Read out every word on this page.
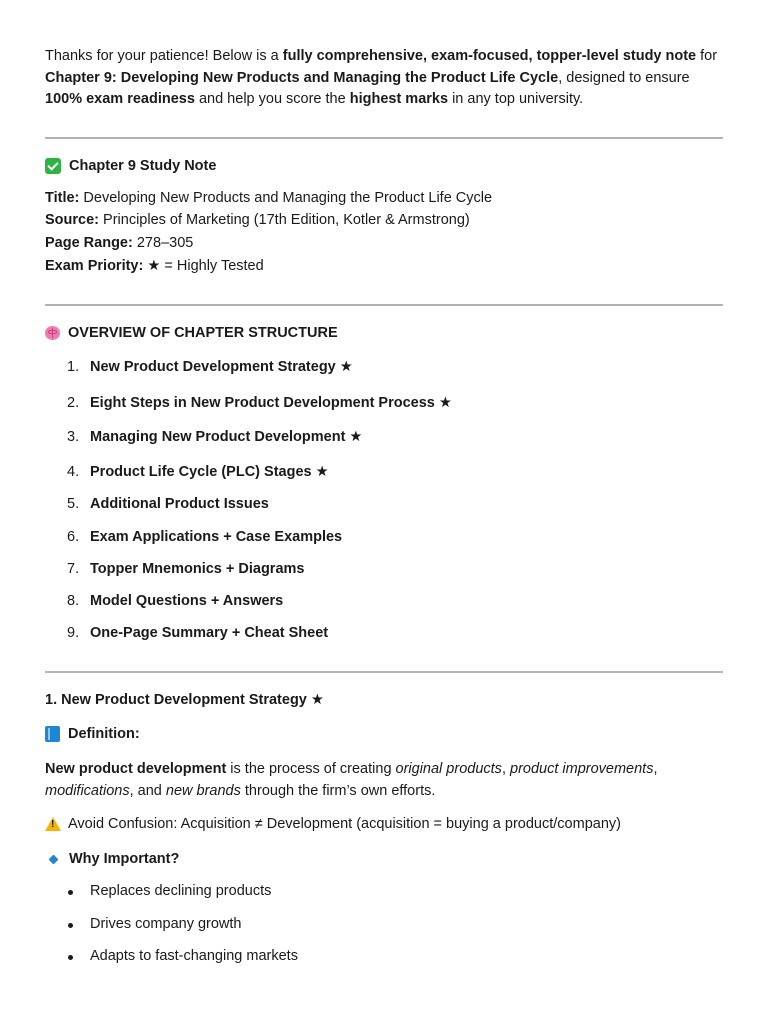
Thanks for your patience! Below is a fully comprehensive, exam-focused, topper-level study note for Chapter 9: Developing New Products and Managing the Product Life Cycle, designed to ensure 100% exam readiness and help you score the highest marks in any top university.

Chapter 9 Study Note
Title: Developing New Products and Managing the Product Life Cycle
Source: Principles of Marketing (17th Edition, Kotler & Armstrong)
Page Range: 278–305
Exam Priority: ★ = Highly Tested
OVERVIEW OF CHAPTER STRUCTURE
1. New Product Development Strategy ★
2. Eight Steps in New Product Development Process ★
3. Managing New Product Development ★
4. Product Life Cycle (PLC) Stages ★
5. Additional Product Issues
6. Exam Applications + Case Examples
7. Topper Mnemonics + Diagrams
8. Model Questions + Answers
9. One-Page Summary + Cheat Sheet
1. New Product Development Strategy ★
Definition:

New product development is the process of creating original products, product improvements, modifications, and new brands through the firm’s own efforts.

!
Avoid Confusion: Acquisition ≠ Development (acquisition = buying a product/company)
Why Important?
Replaces declining products
Drives company growth
Adapts to fast-changing markets
